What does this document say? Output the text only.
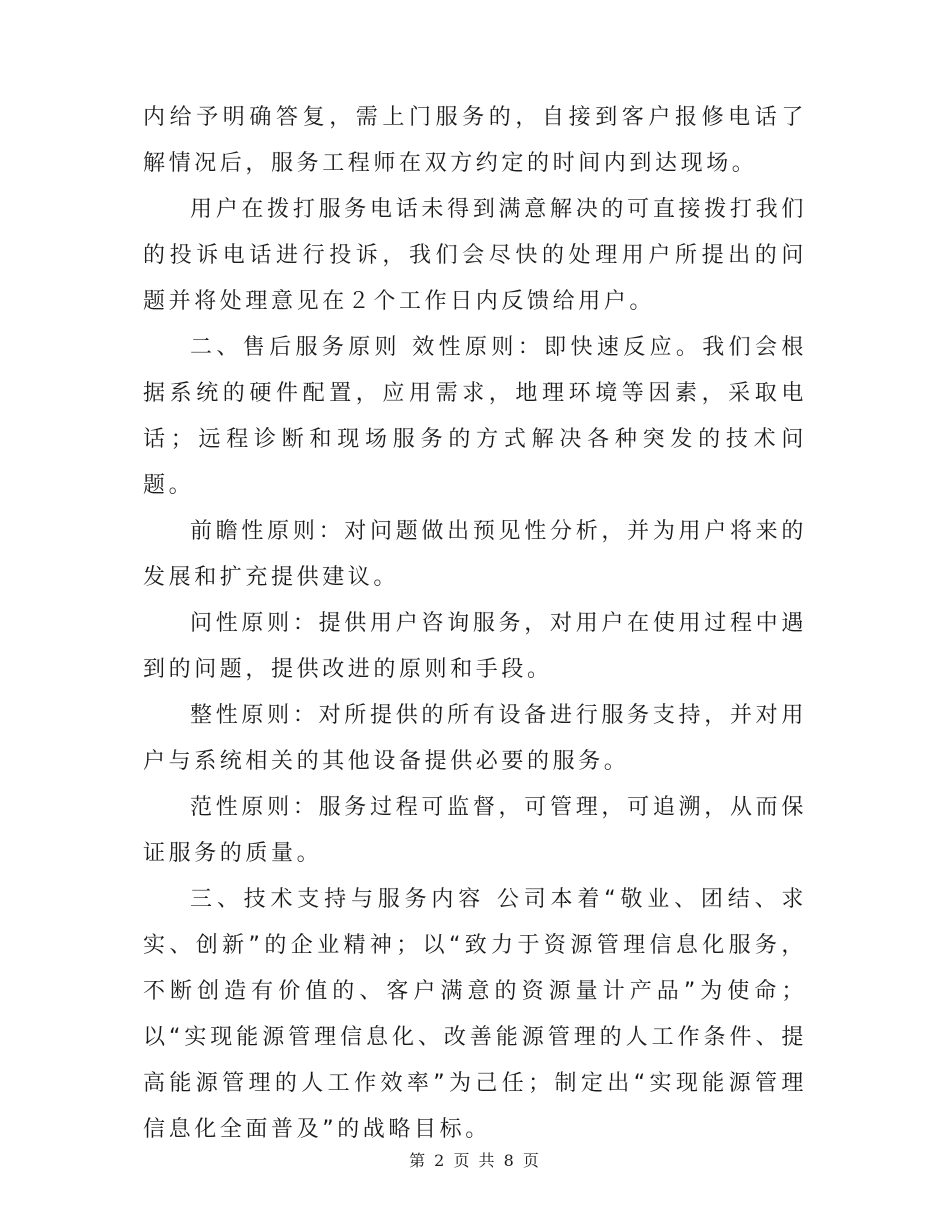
内给予明确答复，需上门服务的，自接到客户报修电话了解情况后，服务工程师在双方约定的时间内到达现场。

用户在拨打服务电话未得到满意解决的可直接拨打我们的投诉电话进行投诉，我们会尽快的处理用户所提出的问题并将处理意见在２个工作日内反馈给用户。

二、售后服务原则 效性原则：即快速反应。我们会根据系统的硬件配置，应用需求，地理环境等因素，采取电话；远程诊断和现场服务的方式解决各种突发的技术问题。

前瞻性原则：对问题做出预见性分析，并为用户将来的发展和扩充提供建议。

问性原则：提供用户咨询服务，对用户在使用过程中遇到的问题，提供改进的原则和手段。

整性原则：对所提供的所有设备进行服务支持，并对用户与系统相关的其他设备提供必要的服务。

范性原则：服务过程可监督，可管理，可追溯，从而保证服务的质量。

三、技术支持与服务内容 公司本着“敬业、团结、求实、创新”的企业精神；以“致力于资源管理信息化服务，不断创造有价值的、客户满意的资源量计产品”为使命；以“实现能源管理信息化、改善能源管理的人工作条件、提高能源管理的人工作效率”为己任；制定出“实现能源管理信息化全面普及”的战略目标。

第 2 页 共 8 页
